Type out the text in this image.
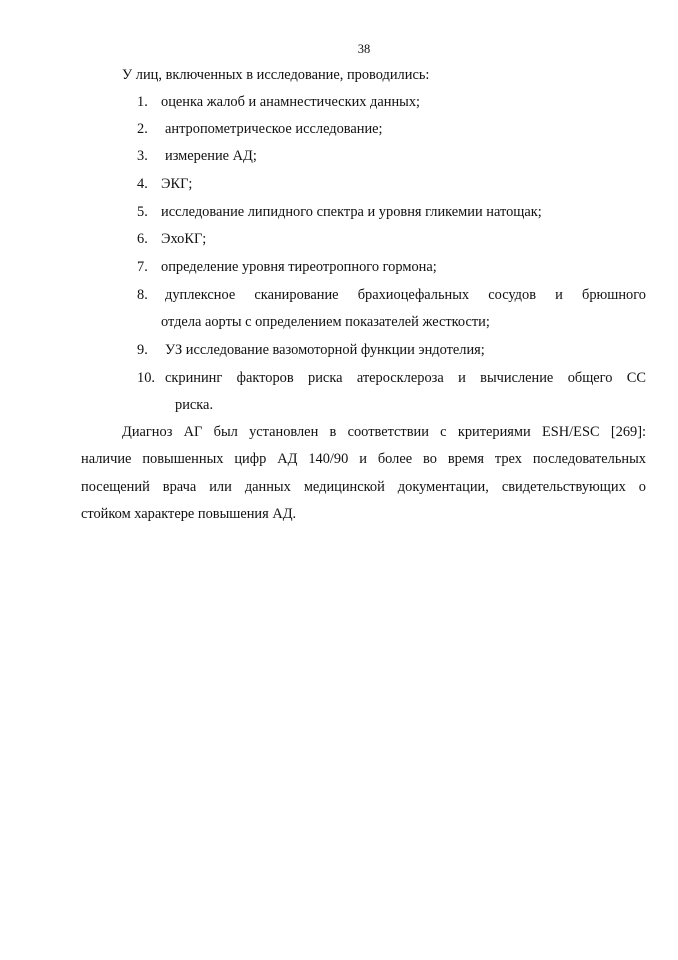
38
У лиц, включенных в исследование, проводились:
1. оценка жалоб и анамнестических данных;
2. антропометрическое исследование;
3. измерение АД;
4. ЭКГ;
5. исследование липидного спектра и уровня гликемии натощак;
6. ЭхоКГ;
7. определение уровня тиреотропного гормона;
8. дуплексное сканирование брахиоцефальных сосудов и брюшного
отдела аорты с определением показателей жесткости;
9. УЗ исследование вазомоторной функции эндотелия;
10. скрининг факторов риска атеросклероза и вычисление общего СС
риска.
Диагноз АГ был установлен в соответствии с критериями ESH/ESC [269]:
наличие повышенных цифр АД 140/90 и более во время трех последовательных
посещений врача или данных медицинской документации, свидетельствующих о
стойком характере повышения АД.
